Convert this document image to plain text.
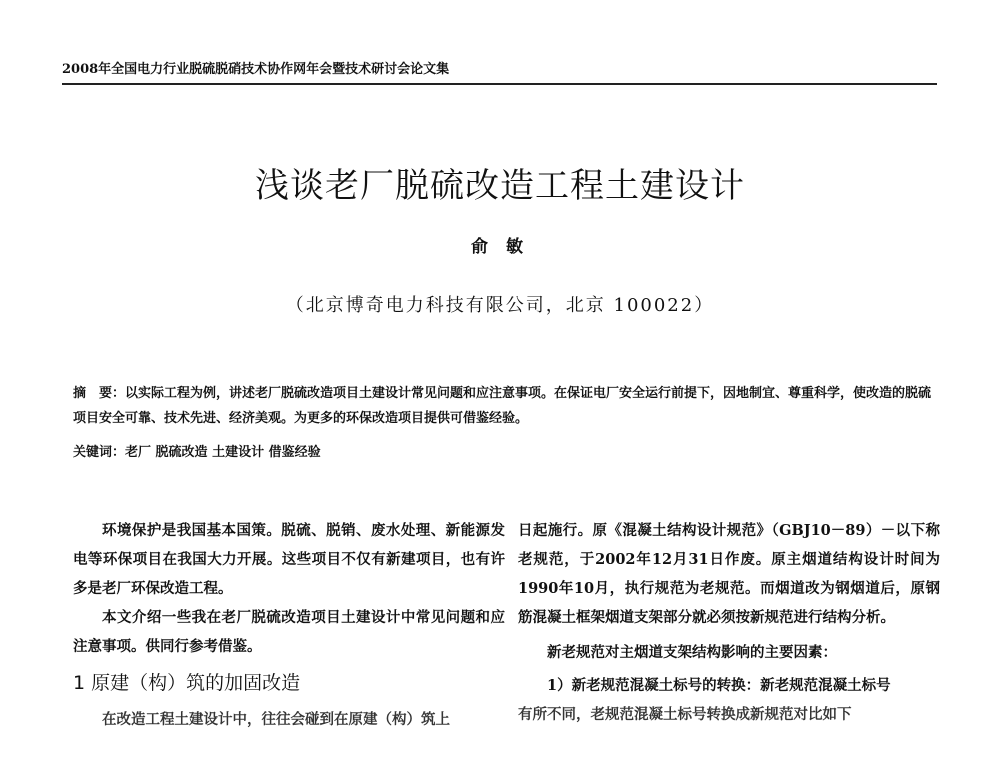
2008年全国电力行业脱硫脱硝技术协作网年会暨技术研讨会论文集
浅谈老厂脱硫改造工程土建设计
俞 敏
（北京博奇电力科技有限公司，北京 100022）
摘　要：以实际工程为例，讲述老厂脱硫改造项目土建设计常见问题和应注意事项。在保证电厂安全运行前提下，因地制宜、尊重科学，使改造的脱硫项目安全可靠、技术先进、经济美观。为更多的环保改造项目提供可借鉴经验。
关键词：老厂 脱硫改造 土建设计 借鉴经验

环境保护是我国基本国策。脱硫、脱销、废水处理、新能源发电等环保项目在我国大力开展。这些项目不仅有新建项目，也有许多是老厂环保改造工程。

本文介绍一些我在老厂脱硫改造项目土建设计中常见问题和应注意事项。供同行参考借鉴。

1 原建（构）筑的加固改造

在改造工程土建设计中，往往会碰到在原建（构）筑上

日起施行。原《混凝土结构设计规范》（GBJ10－89）－以下称老规范，于2002年12月31日作废。原主烟道结构设计时间为1990年10月，执行规范为老规范。而烟道改为钢烟道后，原钢筋混凝土框架烟道支架部分就必须按新规范进行结构分析。

新老规范对主烟道支架结构影响的主要因素：

1）新老规范混凝土标号的转换：新老规范混凝土标号

有所不同，老规范混凝土标号转换成新规范对比如下
